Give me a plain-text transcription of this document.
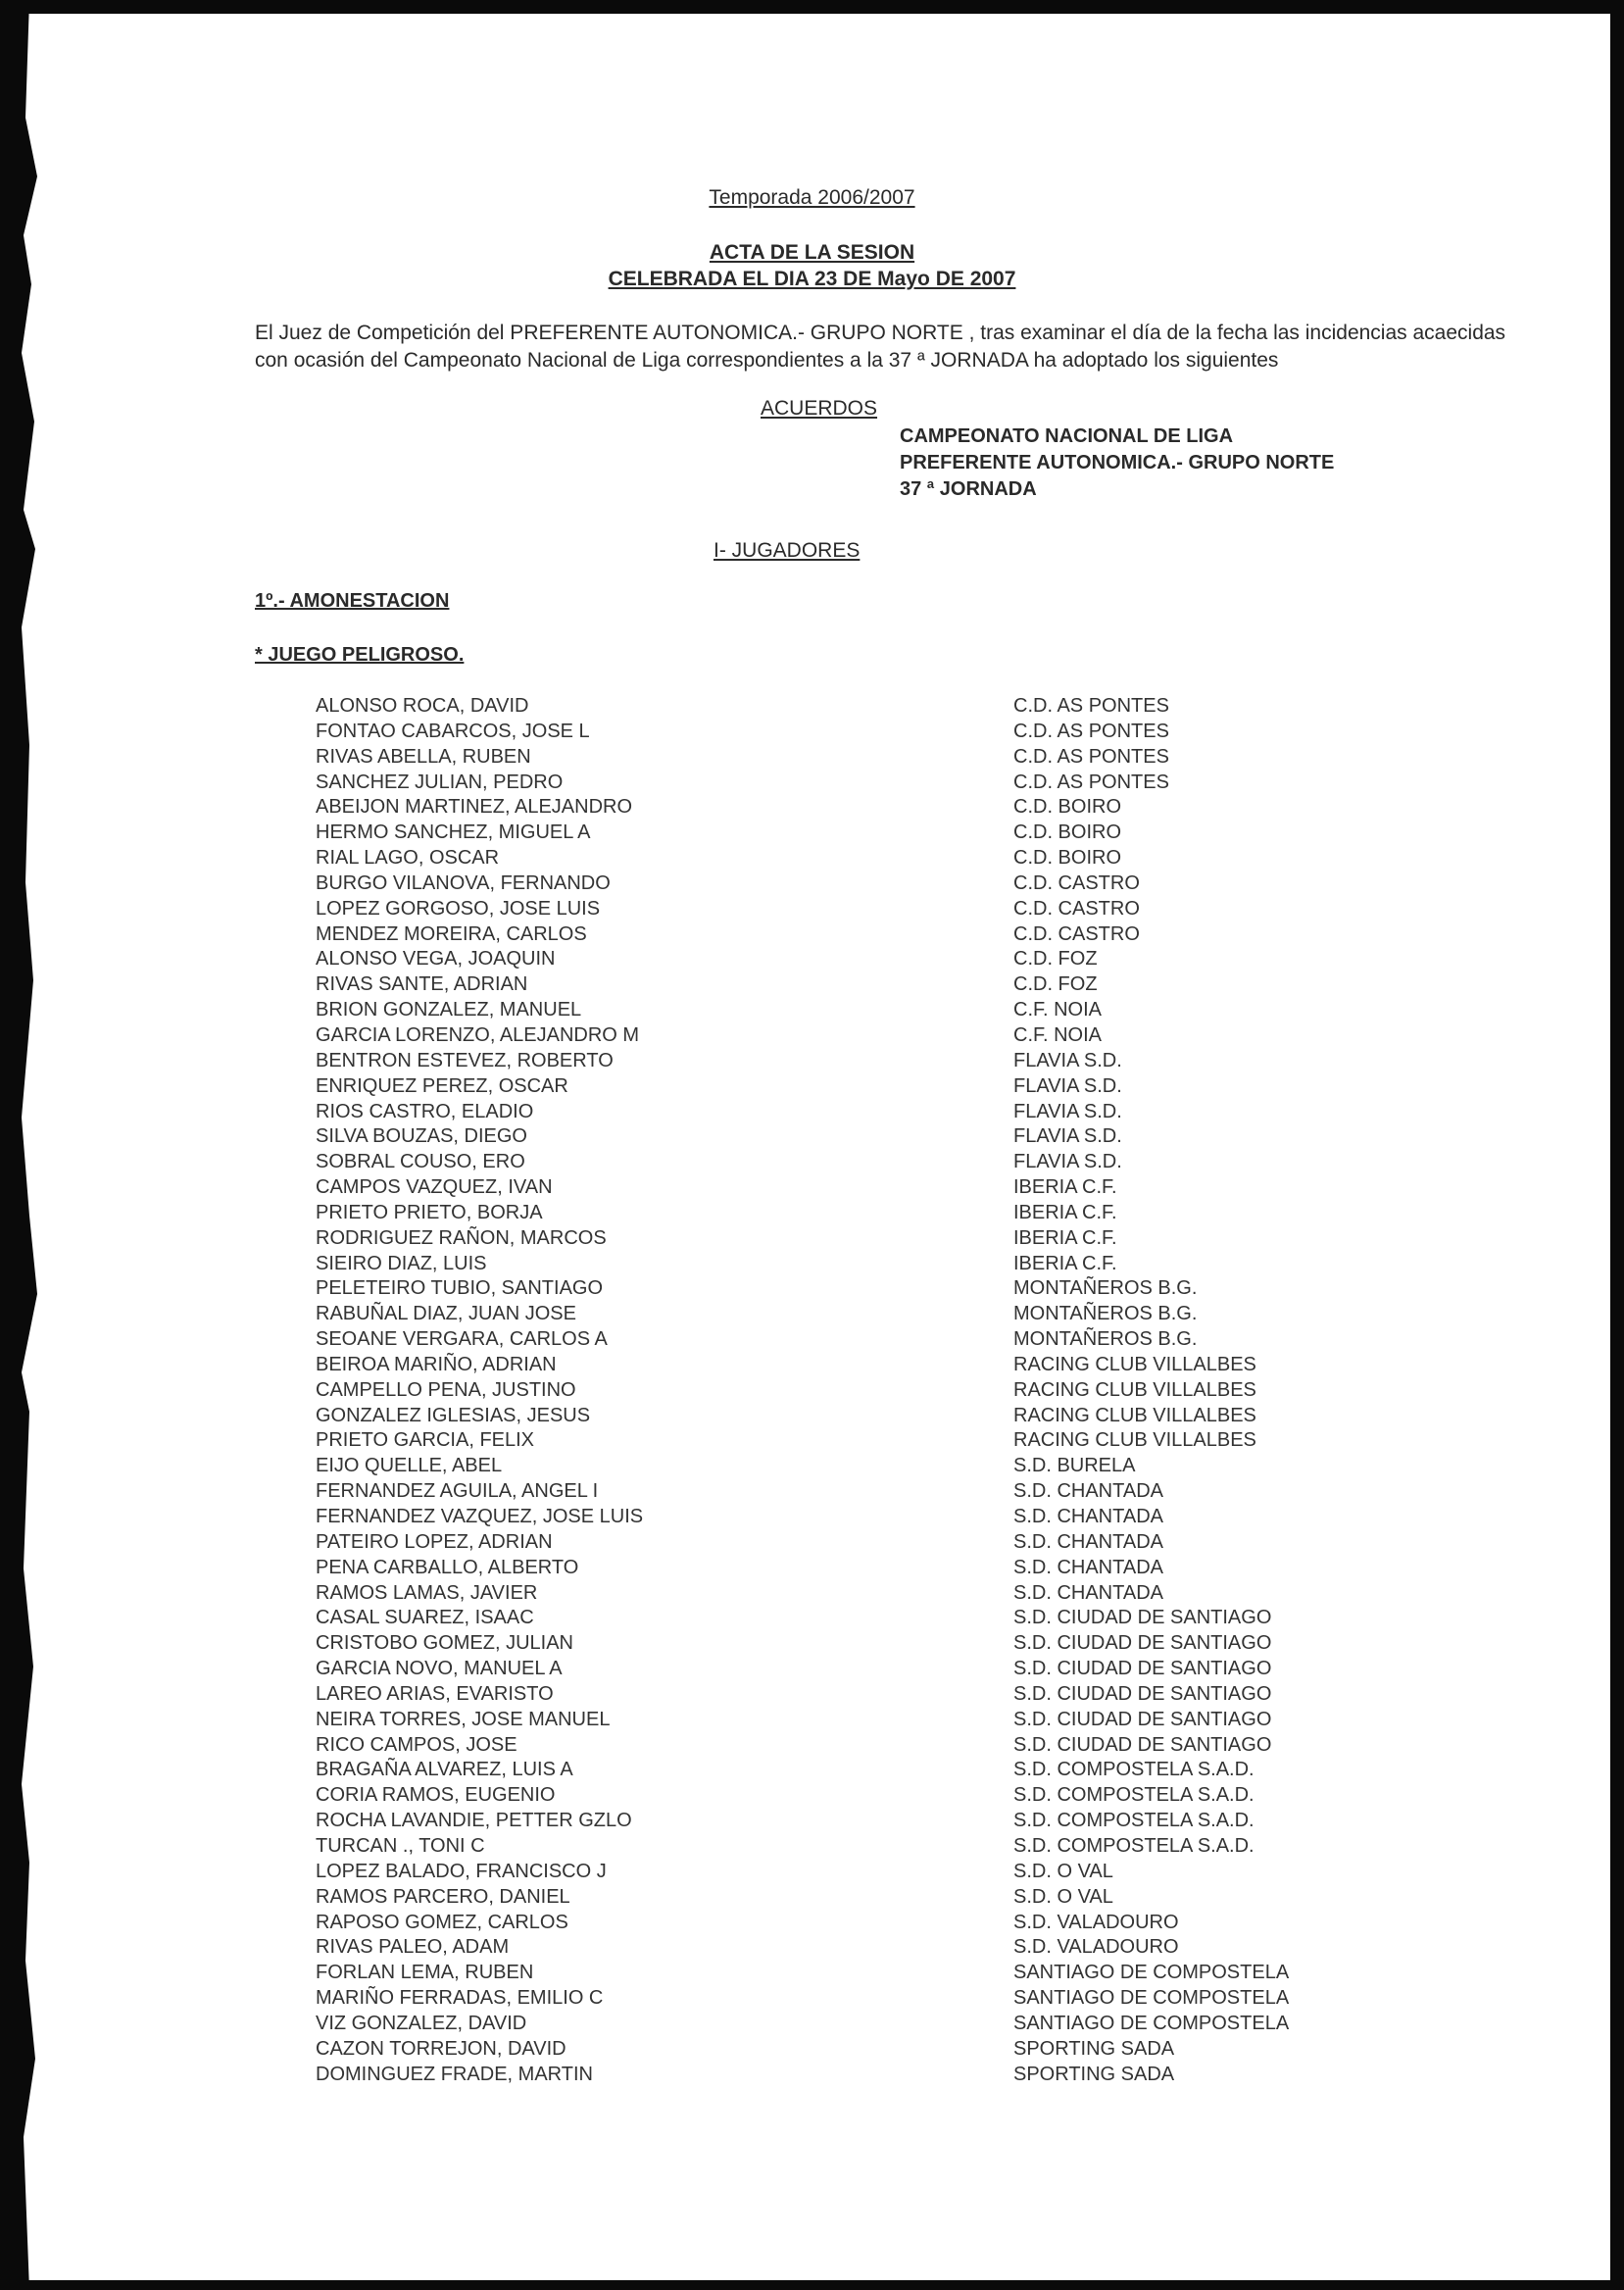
Temporada 2006/2007
ACTA DE LA SESION
CELEBRADA EL DIA 23 DE Mayo DE 2007
El Juez de Competición del PREFERENTE AUTONOMICA.- GRUPO NORTE , tras examinar el día de la fecha las incidencias acaecidas con ocasión del Campeonato Nacional de Liga correspondientes a la 37 ª JORNADA ha adoptado los siguientes
ACUERDOS
CAMPEONATO NACIONAL DE LIGA
PREFERENTE AUTONOMICA.- GRUPO NORTE
37 ª JORNADA
I- JUGADORES
1º.- AMONESTACION
* JUEGO PELIGROSO.
ALONSO ROCA, DAVID	C.D. AS PONTES
FONTAO CABARCOS, JOSE L	C.D. AS PONTES
RIVAS ABELLA, RUBEN	C.D. AS PONTES
SANCHEZ JULIAN, PEDRO	C.D. AS PONTES
ABEIJON MARTINEZ, ALEJANDRO	C.D. BOIRO
HERMO SANCHEZ, MIGUEL A	C.D. BOIRO
RIAL LAGO, OSCAR	C.D. BOIRO
BURGO VILANOVA, FERNANDO	C.D. CASTRO
LOPEZ GORGOSO, JOSE LUIS	C.D. CASTRO
MENDEZ MOREIRA, CARLOS	C.D. CASTRO
ALONSO VEGA, JOAQUIN	C.D. FOZ
RIVAS SANTE, ADRIAN	C.D. FOZ
BRION GONZALEZ, MANUEL	C.F. NOIA
GARCIA LORENZO, ALEJANDRO M	C.F. NOIA
BENTRON ESTEVEZ, ROBERTO	FLAVIA S.D.
ENRIQUEZ PEREZ, OSCAR	FLAVIA S.D.
RIOS CASTRO, ELADIO	FLAVIA S.D.
SILVA BOUZAS, DIEGO	FLAVIA S.D.
SOBRAL COUSO, ERO	FLAVIA S.D.
CAMPOS VAZQUEZ, IVAN	IBERIA C.F.
PRIETO PRIETO, BORJA	IBERIA C.F.
RODRIGUEZ RAÑON, MARCOS	IBERIA C.F.
SIEIRO DIAZ, LUIS	IBERIA C.F.
PELETEIRO TUBIO, SANTIAGO	MONTAÑEROS B.G.
RABUÑAL DIAZ, JUAN JOSE	MONTAÑEROS B.G.
SEOANE VERGARA, CARLOS A	MONTAÑEROS B.G.
BEIROA MARIÑO, ADRIAN	RACING CLUB VILLALBES
CAMPELLO PENA, JUSTINO	RACING CLUB VILLALBES
GONZALEZ IGLESIAS, JESUS	RACING CLUB VILLALBES
PRIETO GARCIA, FELIX	RACING CLUB VILLALBES
EIJO QUELLE, ABEL	S.D. BURELA
FERNANDEZ AGUILA, ANGEL I	S.D. CHANTADA
FERNANDEZ VAZQUEZ, JOSE LUIS	S.D. CHANTADA
PATEIRO LOPEZ, ADRIAN	S.D. CHANTADA
PENA CARBALLO, ALBERTO	S.D. CHANTADA
RAMOS LAMAS, JAVIER	S.D. CHANTADA
CASAL SUAREZ, ISAAC	S.D. CIUDAD DE SANTIAGO
CRISTOBO GOMEZ, JULIAN	S.D. CIUDAD DE SANTIAGO
GARCIA NOVO, MANUEL A	S.D. CIUDAD DE SANTIAGO
LAREO ARIAS, EVARISTO	S.D. CIUDAD DE SANTIAGO
NEIRA TORRES, JOSE MANUEL	S.D. CIUDAD DE SANTIAGO
RICO CAMPOS, JOSE	S.D. CIUDAD DE SANTIAGO
BRAGAÑA ALVAREZ, LUIS A	S.D. COMPOSTELA S.A.D.
CORIA RAMOS, EUGENIO	S.D. COMPOSTELA S.A.D.
ROCHA LAVANDIE, PETTER GZLO	S.D. COMPOSTELA S.A.D.
TURCAN ., TONI C	S.D. COMPOSTELA S.A.D.
LOPEZ BALADO, FRANCISCO J	S.D. O VAL
RAMOS PARCERO, DANIEL	S.D. O VAL
RAPOSO GOMEZ, CARLOS	S.D. VALADOURO
RIVAS PALEO, ADAM	S.D. VALADOURO
FORLAN LEMA, RUBEN	SANTIAGO DE COMPOSTELA
MARIÑO FERRADAS, EMILIO C	SANTIAGO DE COMPOSTELA
VIZ GONZALEZ, DAVID	SANTIAGO DE COMPOSTELA
CAZON TORREJON, DAVID	SPORTING SADA
DOMINGUEZ FRADE, MARTIN	SPORTING SADA
